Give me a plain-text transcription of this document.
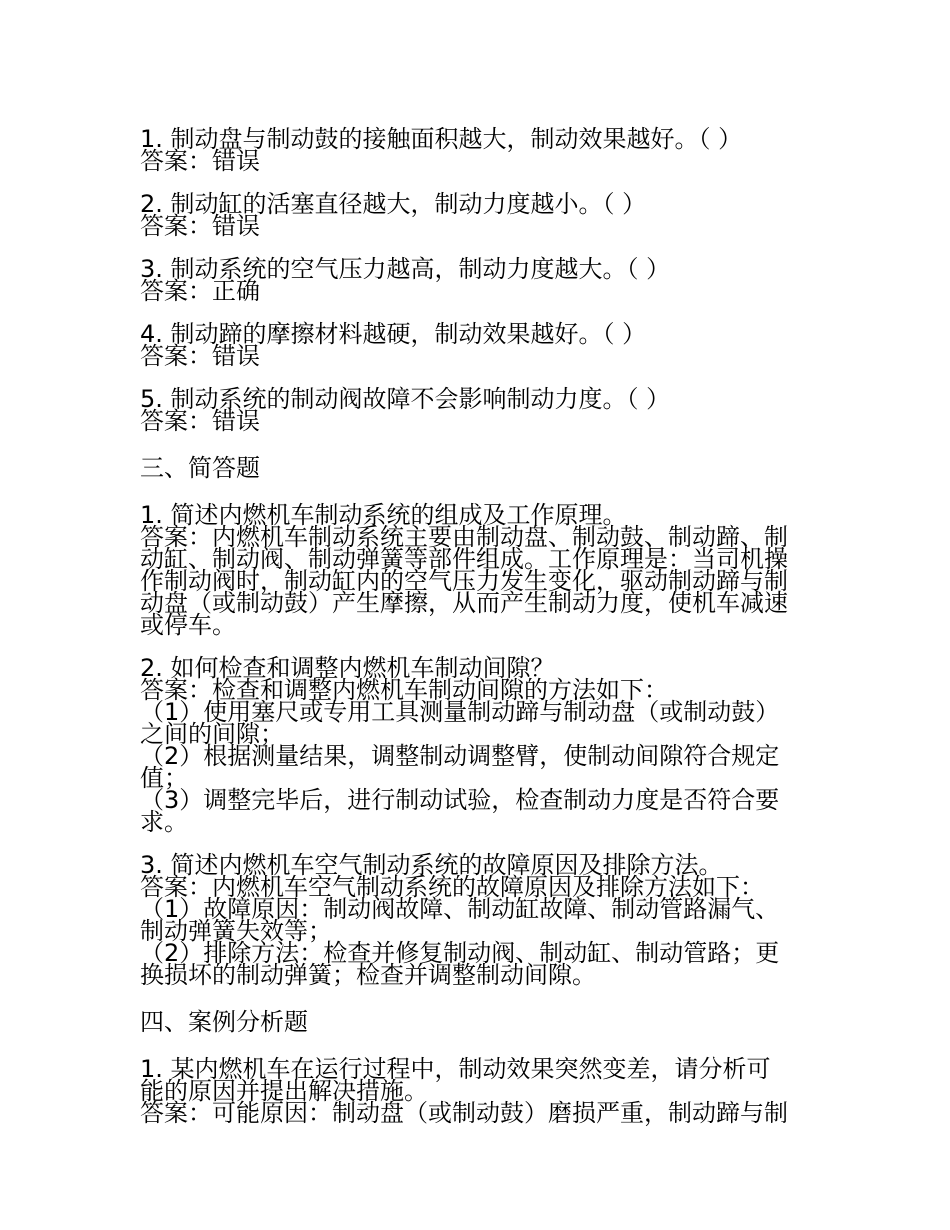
1. 制动盘与制动鼓的接触面积越大，制动效果越好。（ ）
答案：错误
2. 制动缸的活塞直径越大，制动力度越小。（ ）
答案：错误
3. 制动系统的空气压力越高，制动力度越大。（ ）
答案：正确
4. 制动蹄的摩擦材料越硬，制动效果越好。（ ）
答案：错误
5. 制动系统的制动阀故障不会影响制动力度。（ ）
答案：错误
三、简答题
1. 简述内燃机车制动系统的组成及工作原理。
答案：内燃机车制动系统主要由制动盘、制动鼓、制动蹄、制
动缸、制动阀、制动弹簧等部件组成。工作原理是：当司机操
作制动阀时，制动缸内的空气压力发生变化，驱动制动蹄与制
动盘（或制动鼓）产生摩擦，从而产生制动力度，使机车减速
或停车。
2. 如何检查和调整内燃机车制动间隙？
答案：检查和调整内燃机车制动间隙的方法如下：
（1）使用塞尺或专用工具测量制动蹄与制动盘（或制动鼓）
之间的间隙；
（2）根据测量结果，调整制动调整臂，使制动间隙符合规定
值；
（3）调整完毕后，进行制动试验，检查制动力度是否符合要
求。
3. 简述内燃机车空气制动系统的故障原因及排除方法。
答案：内燃机车空气制动系统的故障原因及排除方法如下：
（1）故障原因：制动阀故障、制动缸故障、制动管路漏气、
制动弹簧失效等；
（2）排除方法：检查并修复制动阀、制动缸、制动管路；更
换损坏的制动弹簧；检查并调整制动间隙。
四、案例分析题
1. 某内燃机车在运行过程中，制动效果突然变差，请分析可
能的原因并提出解决措施。
答案：可能原因：制动盘（或制动鼓）磨损严重，制动蹄与制
